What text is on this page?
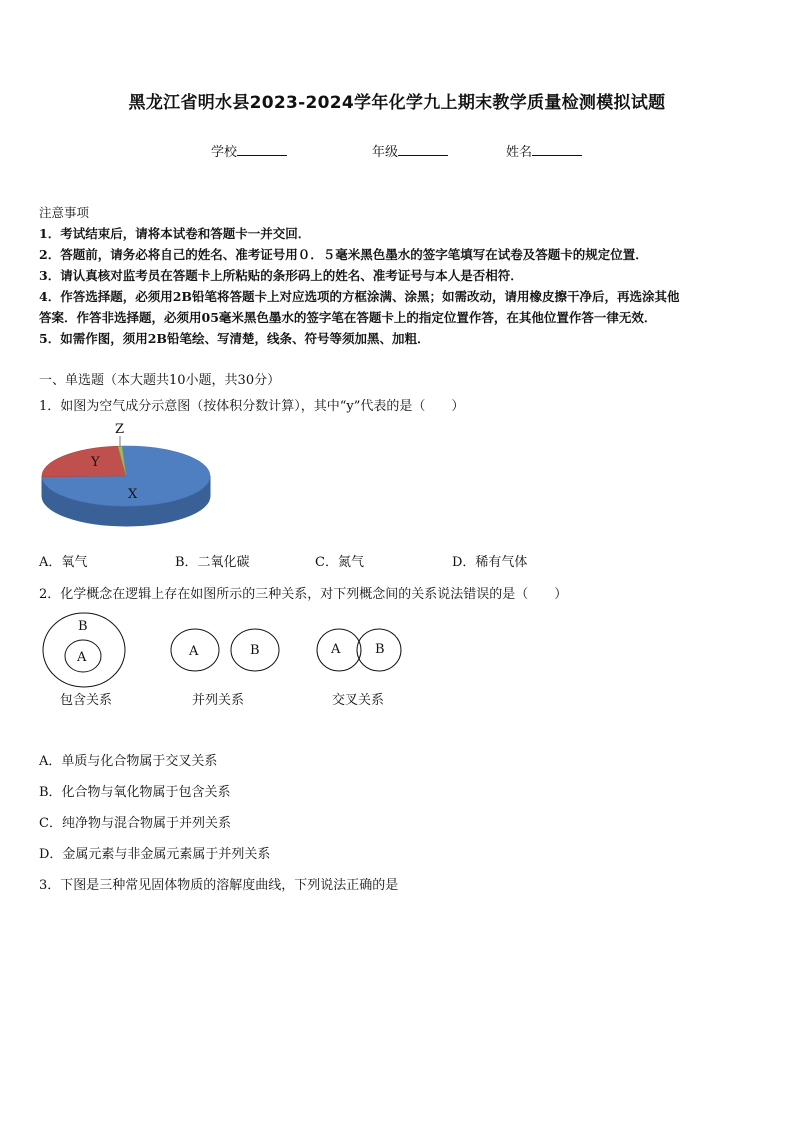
黑龙江省明水县2023-2024学年化学九上期末教学质量检测模拟试题
学校	年级	姓名
注意事项
1．考试结束后，请将本试卷和答题卡一并交回．
2．答题前，请务必将自己的姓名、准考证号用０．５毫米黑色墨水的签字笔填写在试卷及答题卡的规定位置．
3．请认真核对监考员在答题卡上所粘贴的条形码上的姓名、准考证号与本人是否相符．
4．作答选择题，必须用2B铅笔将答题卡上对应选项的方框涂满、涂黑；如需改动，请用橡皮擦干净后，再选涂其他
答案．作答非选择题，必须用05毫米黑色墨水的签字笔在答题卡上的指定位置作答，在其他位置作答一律无效．
5．如需作图，须用2B铅笔绘、写清楚，线条、符号等须加黑、加粗．
一、单选题（本大题共10小题，共30分）
1．如图为空气成分示意图（按体积分数计算），其中“y”代表的是（　　）
X
Y
Z
A．氧气	B．二氧化碳	C．氮气	D．稀有气体
2．化学概念在逻辑上存在如图所示的三种关系，对下列概念间的关系说法错误的是（　　）
B
A	A	B	A	B
包含关系	并列关系	交叉关系
A．单质与化合物属于交叉关系
B．化合物与氧化物属于包含关系
C．纯净物与混合物属于并列关系
D．金属元素与非金属元素属于并列关系
3．下图是三种常见固体物质的溶解度曲线，下列说法正确的是
